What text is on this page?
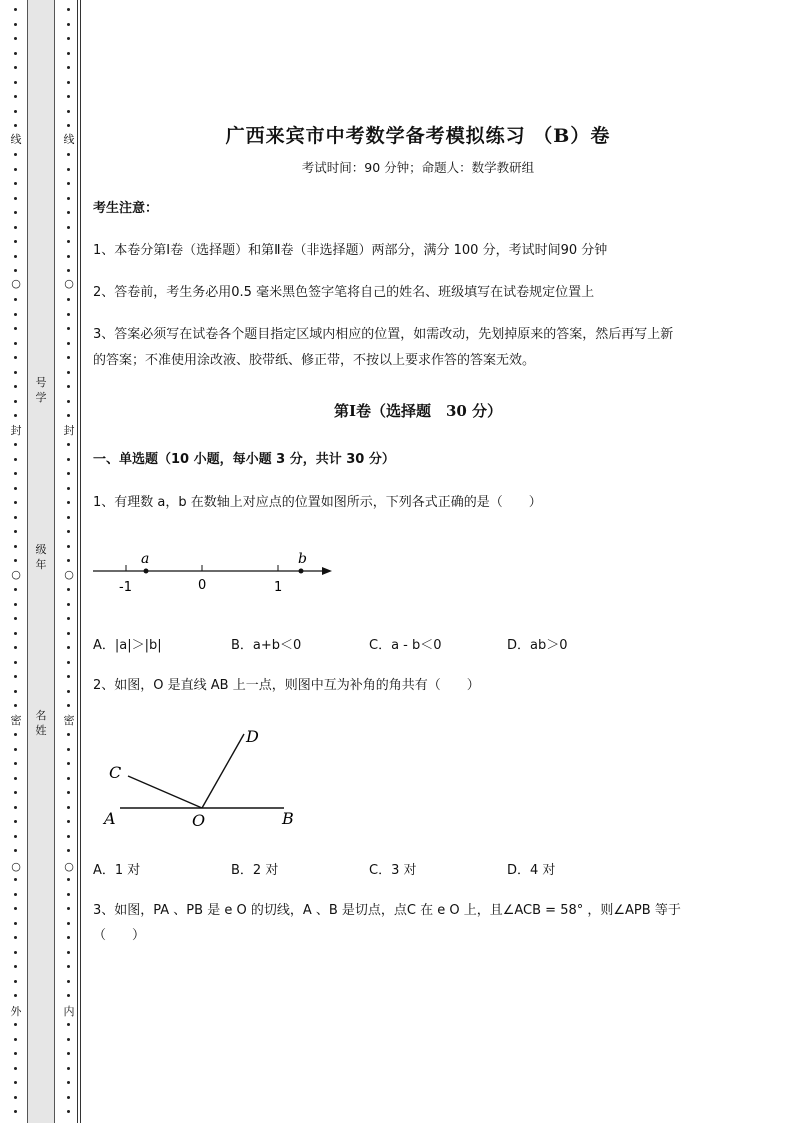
线
○
封
○
密
○
外
线
○
封
○
密
○
内
号学
级年
名姓
广西来宾市中考数学备考模拟练习 （B）卷
考试时间：90 分钟；命题人：数学教研组
考生注意：
1、本卷分第Ⅰ卷（选择题）和第Ⅱ卷（非选择题）两部分，满分 100 分，考试时间90 分钟
2、答卷前，考生务必用0.5 毫米黑色签字笔将自己的姓名、班级填写在试卷规定位置上
3、答案必须写在试卷各个题目指定区域内相应的位置，如需改动，先划掉原来的答案，然后再写上新
的答案；不准使用涂改液、胶带纸、修正带，不按以上要求作答的答案无效。
第Ⅰ卷（选择题　30 分）
一、单选题（10 小题，每小题 3 分，共计 30 分）
1、有理数 a，b 在数轴上对应点的位置如图所示，下列各式正确的是（　　）
a	b
-1	0	1
A．|a|＞|b|	B．a+b＜0	C．a - b＜0	D．ab＞0
2、如图，O 是直线 AB 上一点，则图中互为补角的角共有（　　）
A	B
C
D
O
A．1 对	B．2 对	C．3 对	D．4 对
3、如图，PA 、PB 是 e O 的切线，A 、B 是切点，点C 在 e O 上，且∠ACB = 58° ，则∠APB 等于
（　　）
